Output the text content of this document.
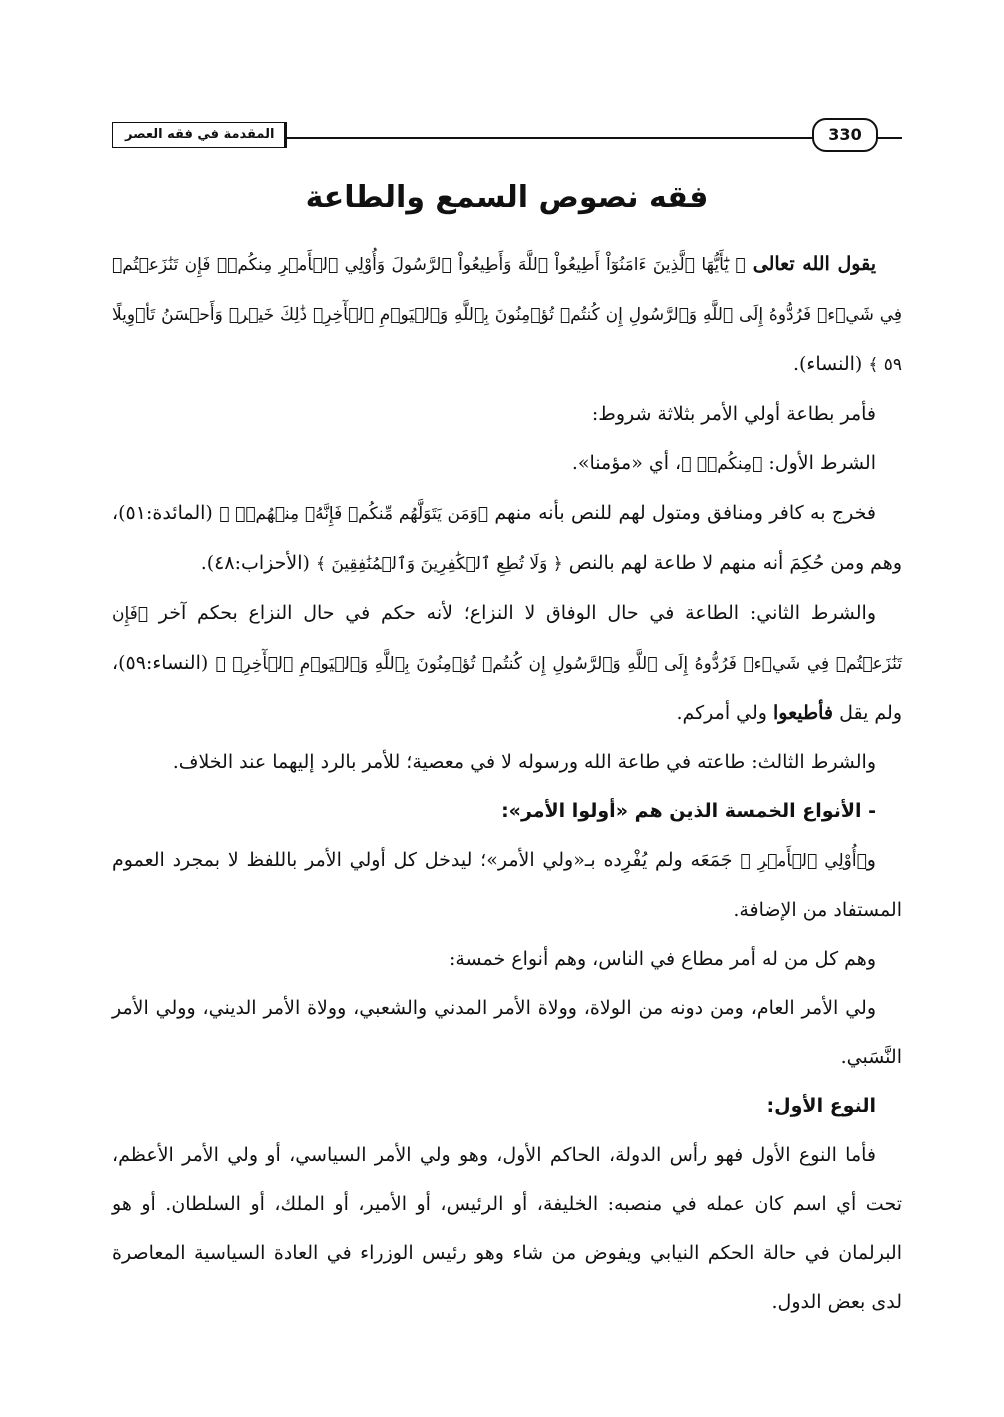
المقدمة في فقه العصر	330
فقه نصوص السمع والطاعة

يقول الله تعالى ﴿ يَٰٓأَيُّهَا ٱلَّذِينَ ءَامَنُوٓاْ أَطِيعُواْ ٱللَّهَ وَأَطِيعُواْ ٱلرَّسُولَ وَأُوْلِي ٱلۡأَمۡرِ مِنكُمۡۖ فَإِن تَنَٰزَعۡتُمۡ فِي شَيۡءٖ فَرُدُّوهُ إِلَى ٱللَّهِ وَٱلرَّسُولِ إِن كُنتُمۡ تُؤۡمِنُونَ بِٱللَّهِ وَٱلۡيَوۡمِ ٱلۡأٓخِرِۚ ذَٰلِكَ خَيۡرٞ وَأَحۡسَنُ تَأۡوِيلًا ٥٩ ﴾ (النساء).

فأمر بطاعة أولي الأمر بثلاثة شروط:

الشرط الأول: ﴿مِنكُمۡۖ ﴾، أي «مؤمنا».

فخرج به كافر ومنافق ومتول لهم للنص بأنه منهم ﴿وَمَن يَتَوَلَّهُم مِّنكُمۡ فَإِنَّهُۥ مِنۡهُمۡۗ ﴾ (المائدة:٥١)، وهم ومن حُكِمَ أنه منهم لا طاعة لهم بالنص ﴿ وَلَا تُطِعِ ٱلۡكَٰفِرِينَ وَٱلۡمُنَٰفِقِينَ ﴾ (الأحزاب:٤٨).

والشرط الثاني: الطاعة في حال الوفاق لا النزاع؛ لأنه حكم في حال النزاع بحكم آخر ﴿فَإِن تَنَٰزَعۡتُمۡ فِي شَيۡءٖ فَرُدُّوهُ إِلَى ٱللَّهِ وَٱلرَّسُولِ إِن كُنتُمۡ تُؤۡمِنُونَ بِٱللَّهِ وَٱلۡيَوۡمِ ٱلۡأٓخِرِۚ ﴾ (النساء:٥٩)، ولم يقل فأطيعوا ولي أمركم.

والشرط الثالث: طاعته في طاعة الله ورسوله لا في معصية؛ للأمر بالرد إليهما عند الخلاف.

- الأنواع الخمسة الذين هم «أولوا الأمر»:

و﴿أُوْلِي ٱلۡأَمۡرِ ﴾ جَمَعَه ولم يُفْرِده بـ«ولي الأمر»؛ ليدخل كل أولي الأمر باللفظ لا بمجرد العموم المستفاد من الإضافة.

وهم كل من له أمر مطاع في الناس، وهم أنواع خمسة:

ولي الأمر العام، ومن دونه من الولاة، وولاة الأمر المدني والشعبي، وولاة الأمر الديني، وولي الأمر النَّسَبي.

النوع الأول:

فأما النوع الأول فهو رأس الدولة، الحاكم الأول، وهو ولي الأمر السياسي، أو ولي الأمر الأعظم، تحت أي اسم كان عمله في منصبه: الخليفة، أو الرئيس، أو الأمير، أو الملك، أو السلطان. أو هو البرلمان في حالة الحكم النيابي ويفوض من شاء وهو رئيس الوزراء في العادة السياسية المعاصرة لدى بعض الدول.
